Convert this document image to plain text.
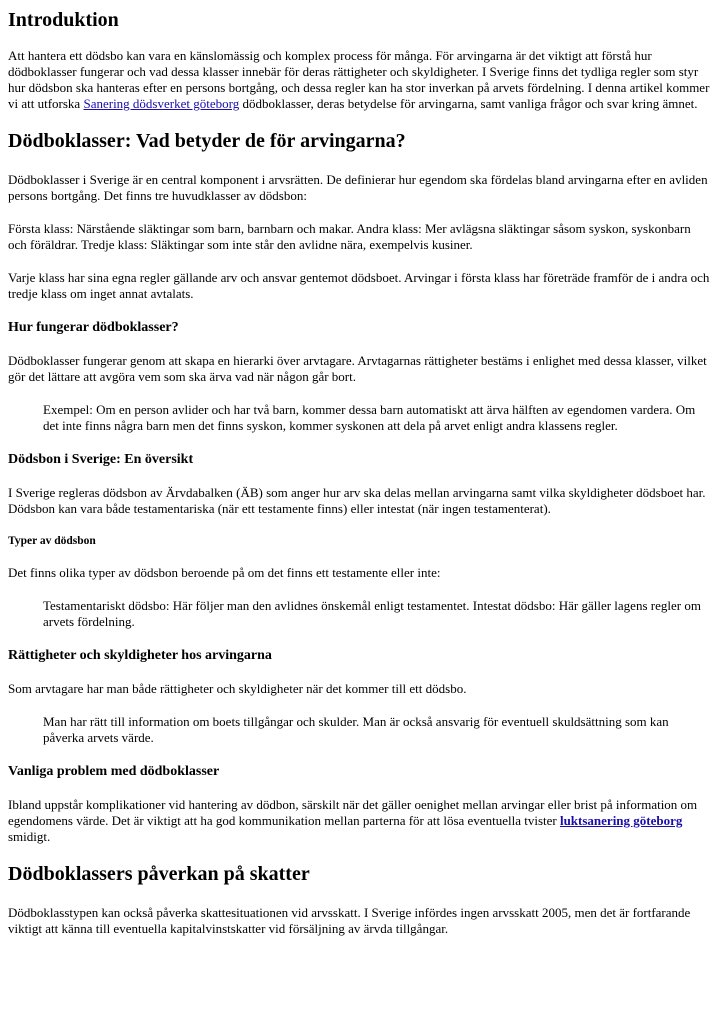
Introduktion

Att hantera ett dödsbo kan vara en känslomässig och komplex process för många. För arvingarna är det viktigt att förstå hur dödboklasser fungerar och vad dessa klasser innebär för deras rättigheter och skyldigheter. I Sverige finns det tydliga regler som styr hur dödsbon ska hanteras efter en persons bortgång, och dessa regler kan ha stor inverkan på arvets fördelning. I denna artikel kommer vi att utforska Sanering dödsverket göteborg dödboklasser, deras betydelse för arvingarna, samt vanliga frågor och svar kring ämnet.

Dödboklasser: Vad betyder de för arvingarna?

Dödboklasser i Sverige är en central komponent i arvsrätten. De definierar hur egendom ska fördelas bland arvingarna efter en avliden persons bortgång. Det finns tre huvudklasser av dödsbon:

Första klass: Närstående släktingar som barn, barnbarn och makar. Andra klass: Mer avlägsna släktingar såsom syskon, syskonbarn och föräldrar. Tredje klass: Släktingar som inte står den avlidne nära, exempelvis kusiner.

Varje klass har sina egna regler gällande arv och ansvar gentemot dödsboet. Arvingar i första klass har företräde framför de i andra och tredje klass om inget annat avtalats.

Hur fungerar dödboklasser?

Dödboklasser fungerar genom att skapa en hierarki över arvtagare. Arvtagarnas rättigheter bestäms i enlighet med dessa klasser, vilket gör det lättare att avgöra vem som ska ärva vad när någon går bort.

Exempel: Om en person avlider och har två barn, kommer dessa barn automatiskt att ärva hälften av egendomen vardera. Om det inte finns några barn men det finns syskon, kommer syskonen att dela på arvet enligt andra klassens regler.
Dödsbon i Sverige: En översikt

I Sverige regleras dödsbon av Ärvdabalken (ÄB) som anger hur arv ska delas mellan arvingarna samt vilka skyldigheter dödsboet har. Dödsbon kan vara både testamentariska (när ett testamente finns) eller intestat (när ingen testamenterat).

Typer av dödsbon

Det finns olika typer av dödsbon beroende på om det finns ett testamente eller inte:

Testamentariskt dödsbo: Här följer man den avlidnes önskemål enligt testamentet. Intestat dödsbo: Här gäller lagens regler om arvets fördelning.
Rättigheter och skyldigheter hos arvingarna

Som arvtagare har man både rättigheter och skyldigheter när det kommer till ett dödsbo.

Man har rätt till information om boets tillgångar och skulder. Man är också ansvarig för eventuell skuldsättning som kan påverka arvets värde.
Vanliga problem med dödboklasser

Ibland uppstår komplikationer vid hantering av dödbon, särskilt när det gäller oenighet mellan arvingar eller brist på information om egendomens värde. Det är viktigt att ha god kommunikation mellan parterna för att lösa eventuella tvister luktsanering göteborg smidigt.

Dödboklassers påverkan på skatter

Dödboklasstypen kan också påverka skattesituationen vid arvsskatt. I Sverige infördes ingen arvsskatt 2005, men det är fortfarande viktigt att känna till eventuella kapitalvinstskatter vid försäljning av ärvda tillgångar.
